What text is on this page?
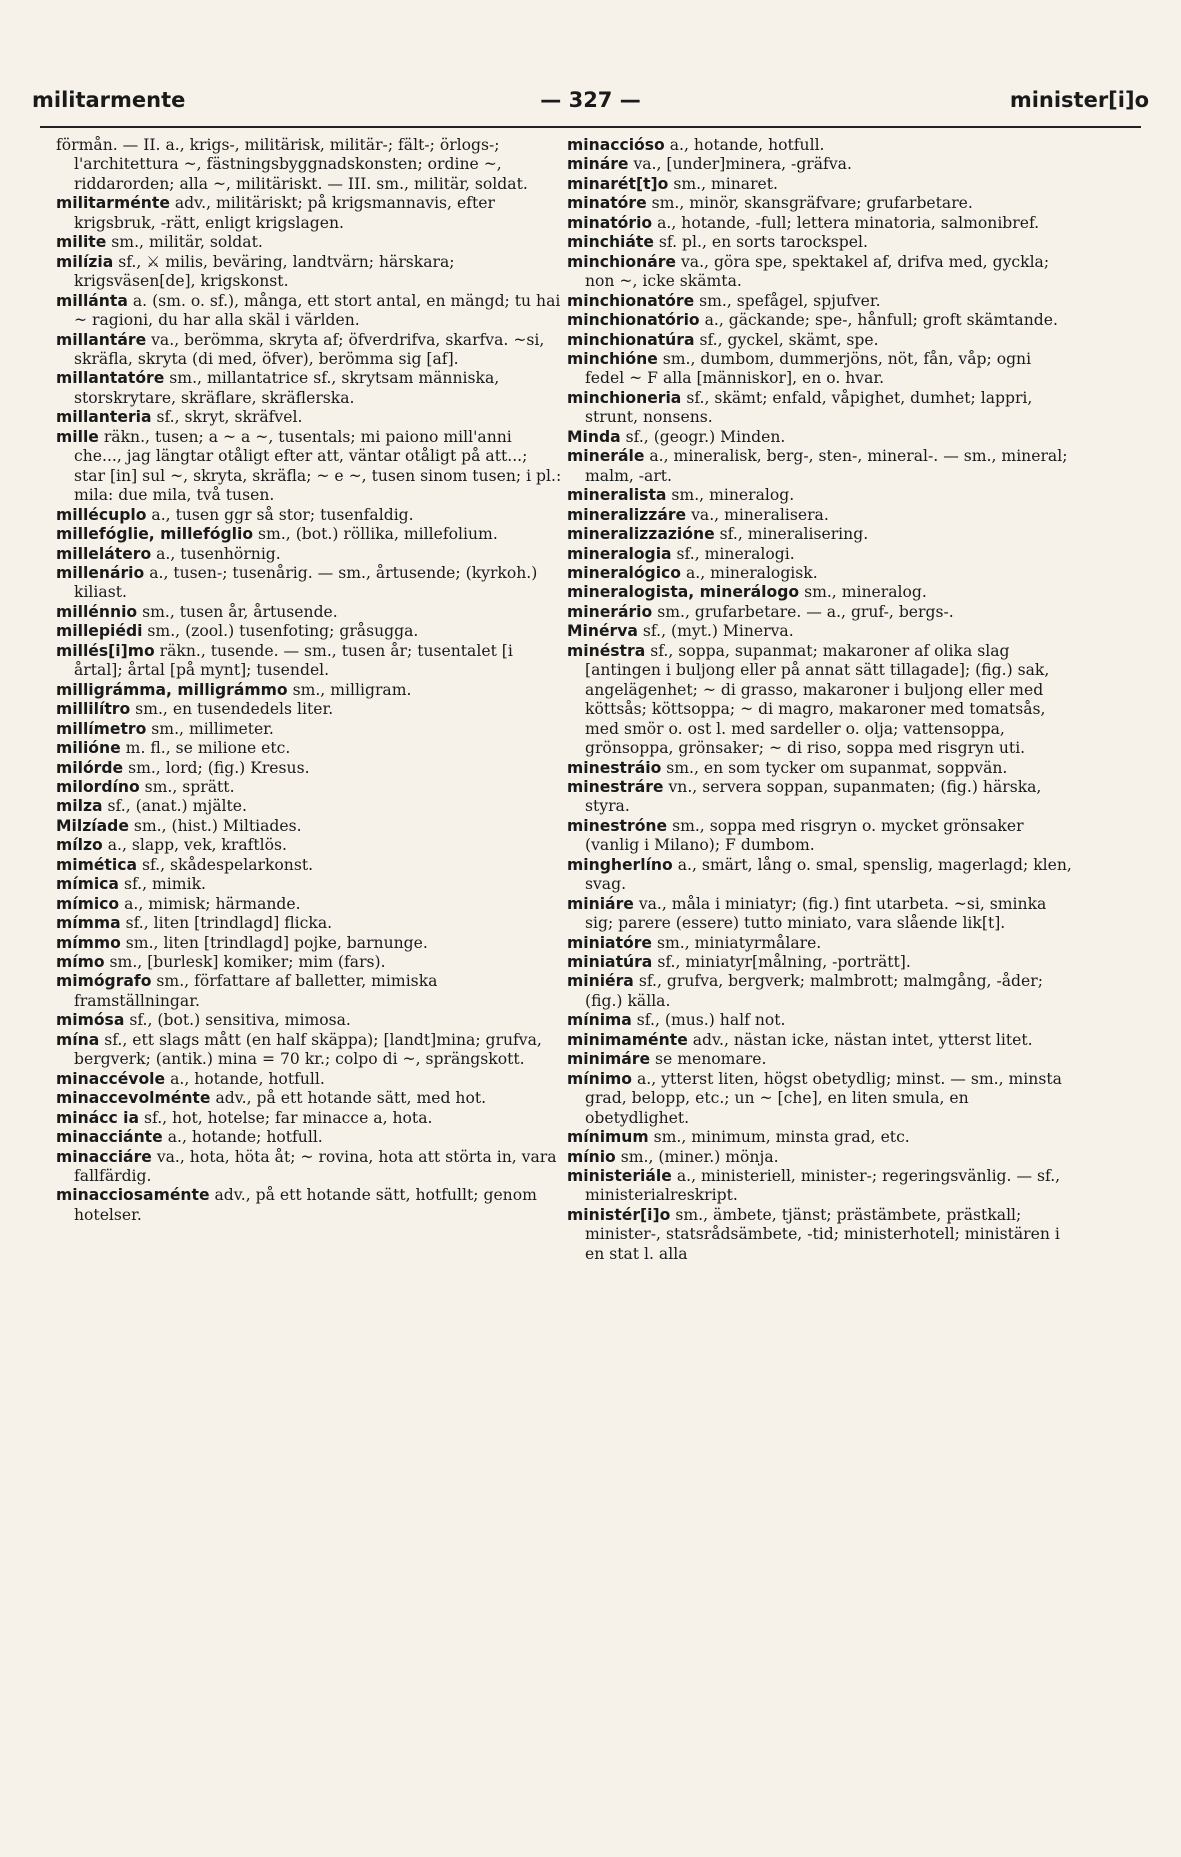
militarmente	— 327 —	minister[i]o

förmån. — II. a., krigs-, militärisk, militär-; fält-; örlogs-; l'architettura ~, fästningsbyggnadskonsten; ordine ~, riddarorden; alla ~, militäriskt. — III. sm., militär, soldat.

militarménte adv., militäriskt; på krigsmannavis, efter krigsbruk, -rätt, enligt krigslagen.

milite sm., militär, soldat.

milízia sf., ⚔ milis, beväring, landtvärn; härskara; krigsväsen[de], krigskonst.

millánta a. (sm. o. sf.), många, ett stort antal, en mängd; tu hai ~ ragioni, du har alla skäl i världen.

millantáre va., berömma, skryta af; öfverdrifva, skarfva. ~si, skräfla, skryta (di med, öfver), berömma sig [af].

millantatóre sm., millantatrice sf., skrytsam människa, storskrytare, skräflare, skräflerska.

millanteria sf., skryt, skräfvel.

mille räkn., tusen; a ~ a ~, tusentals; mi paiono mill'anni che..., jag längtar otåligt efter att, väntar otåligt på att...; star [in] sul ~, skryta, skräfla; ~ e ~, tusen sinom tusen; i pl.: mila: due mila, två tusen.

millécuplo a., tusen ggr så stor; tusenfaldig.

millefóglie, millefóglio sm., (bot.) röllika, millefolium.

millelátero a., tusenhörnig.

millenário a., tusen-; tusenårig. — sm., årtusende; (kyrkoh.) kiliast.

millénnio sm., tusen år, årtusende.

millepiédi sm., (zool.) tusenfoting; gråsugga.

millés[i]mo räkn., tusende. — sm., tusen år; tusentalet [i årtal]; årtal [på mynt]; tusendel.

milligrámma, milligrámmo sm., milligram.

millilítro sm., en tusendedels liter.

millímetro sm., millimeter.

milióne m. fl., se milione etc.

milórde sm., lord; (fig.) Kresus.

milordíno sm., sprätt.

milza sf., (anat.) mjälte.

Milzíade sm., (hist.) Miltiades.

mílzo a., slapp, vek, kraftlös.

mimética sf., skådespelarkonst.

mímica sf., mimik.

mímico a., mimisk; härmande.

mímma sf., liten [trindlagd] flicka.

mímmo sm., liten [trindlagd] pojke, barnunge.

mímo sm., [burlesk] komiker; mim (fars).

mimógrafo sm., författare af balletter, mimiska framställningar.

mimósa sf., (bot.) sensitiva, mimosa.

mína sf., ett slags mått (en half skäppa); [landt]mina; grufva, bergverk; (antik.) mina = 70 kr.; colpo di ~, sprängskott.

minaccévole a., hotande, hotfull.

minaccevolménte adv., på ett hotande sätt, med hot.

minácc ia sf., hot, hotelse; far minacce a, hota.

minacciánte a., hotande; hotfull.

minacciáre va., hota, höta åt; ~ rovina, hota att störta in, vara fallfärdig.

minacciosaménte adv., på ett hotande sätt, hotfullt; genom hotelser.

minaccióso a., hotande, hotfull.

mináre va., [under]minera, -gräfva.

minarét[t]o sm., minaret.

minatóre sm., minör, skansgräfvare; grufarbetare.

minatório a., hotande, -full; lettera minatoria, salmonibref.

minchiáte sf. pl., en sorts tarockspel.

minchionáre va., göra spe, spektakel af, drifva med, gyckla; non ~, icke skämta.

minchionatóre sm., spefågel, spjufver.

minchionatório a., gäckande; spe-, hånfull; groft skämtande.

minchionatúra sf., gyckel, skämt, spe.

minchióne sm., dumbom, dummerjöns, nöt, fån, våp; ogni fedel ~ F alla [människor], en o. hvar.

minchioneria sf., skämt; enfald, våpighet, dumhet; lappri, strunt, nonsens.

Minda sf., (geogr.) Minden.

minerále a., mineralisk, berg-, sten-, mineral-. — sm., mineral; malm, -art.

mineralista sm., mineralog.

mineralizzáre va., mineralisera.

mineralizzazióne sf., mineralisering.

mineralogia sf., mineralogi.

mineralógico a., mineralogisk.

mineralogista, minerálogo sm., mineralog.

minerário sm., grufarbetare. — a., gruf-, bergs-.

Minérva sf., (myt.) Minerva.

minéstra sf., soppa, supanmat; makaroner af olika slag [antingen i buljong eller på annat sätt tillagade]; (fig.) sak, angelägenhet; ~ di grasso, makaroner i buljong eller med köttsås; köttsoppa; ~ di magro, makaroner med tomatsås, med smör o. ost l. med sardeller o. olja; vattensoppa, grönsoppa, grönsaker; ~ di riso, soppa med risgryn uti.

minestráio sm., en som tycker om supanmat, soppvän.

minestráre vn., servera soppan, supanmaten; (fig.) härska, styra.

minestróne sm., soppa med risgryn o. mycket grönsaker (vanlig i Milano); F dumbom.

mingherlíno a., smärt, lång o. smal, spenslig, magerlagd; klen, svag.

miniáre va., måla i miniatyr; (fig.) fint utarbeta. ~si, sminka sig; parere (essere) tutto miniato, vara slående lik[t].

miniatóre sm., miniatyrmålare.

miniatúra sf., miniatyr[målning, -porträtt].

miniéra sf., grufva, bergverk; malmbrott; malmgång, -åder; (fig.) källa.

mínima sf., (mus.) half not.

minimaménte adv., nästan icke, nästan intet, ytterst litet.

minimáre se menomare.

mínimo a., ytterst liten, högst obetydlig; minst. — sm., minsta grad, belopp, etc.; un ~ [che], en liten smula, en obetydlighet.

mínimum sm., minimum, minsta grad, etc.

mínio sm., (miner.) mönja.

ministeriále a., ministeriell, minister-; regeringsvänlig. — sf., ministerialreskript.

ministér[i]o sm., ämbete, tjänst; prästämbete, prästkall; minister-, statsrådsämbete, -tid; ministerhotell; ministären i en stat l. alla
